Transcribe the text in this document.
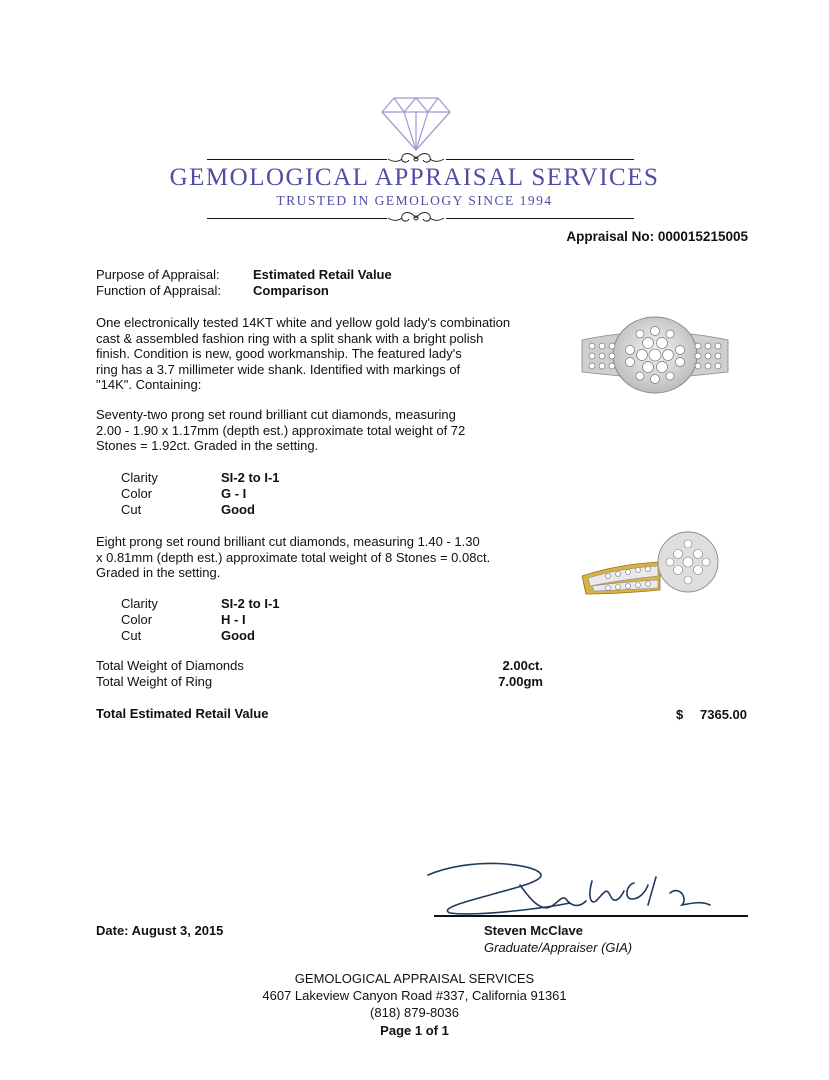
GEMOLOGICAL APPRAISAL SERVICES
TRUSTED IN GEMOLOGY SINCE 1994
Appraisal No: 000015215005
Purpose of Appraisal:	Estimated Retail Value
Function of Appraisal: Comparison
One electronically tested 14KT white and yellow gold lady's combination
cast & assembled fashion ring with a split shank with a bright polish
finish. Condition is new, good workmanship. The featured lady's
ring has a 3.7 millimeter wide shank. Identified with markings of
"14K". Containing:
Seventy-two prong set round brilliant cut diamonds, measuring
2.00 - 1.90 x 1.17mm (depth est.) approximate total weight of 72
Stones = 1.92ct. Graded in the setting.
Clarity	SI-2 to I-1
Color	G - I
Cut	Good
Eight prong set round brilliant cut diamonds, measuring 1.40 - 1.30
x 0.81mm (depth est.) approximate total weight of 8 Stones = 0.08ct.
Graded in the setting.
Clarity	SI-2 to I-1
Color	H - I
Cut	Good
Total Weight of Diamonds	2.00ct.
Total Weight of Ring	7.00gm
Total Estimated Retail Value	$ 7365.00
Date: August 3, 2015	Steven McClave
Graduate/Appraiser (GIA)
GEMOLOGICAL APPRAISAL SERVICES
4607 Lakeview Canyon Road #337, California 91361
(818) 879-8036
Page 1 of 1
